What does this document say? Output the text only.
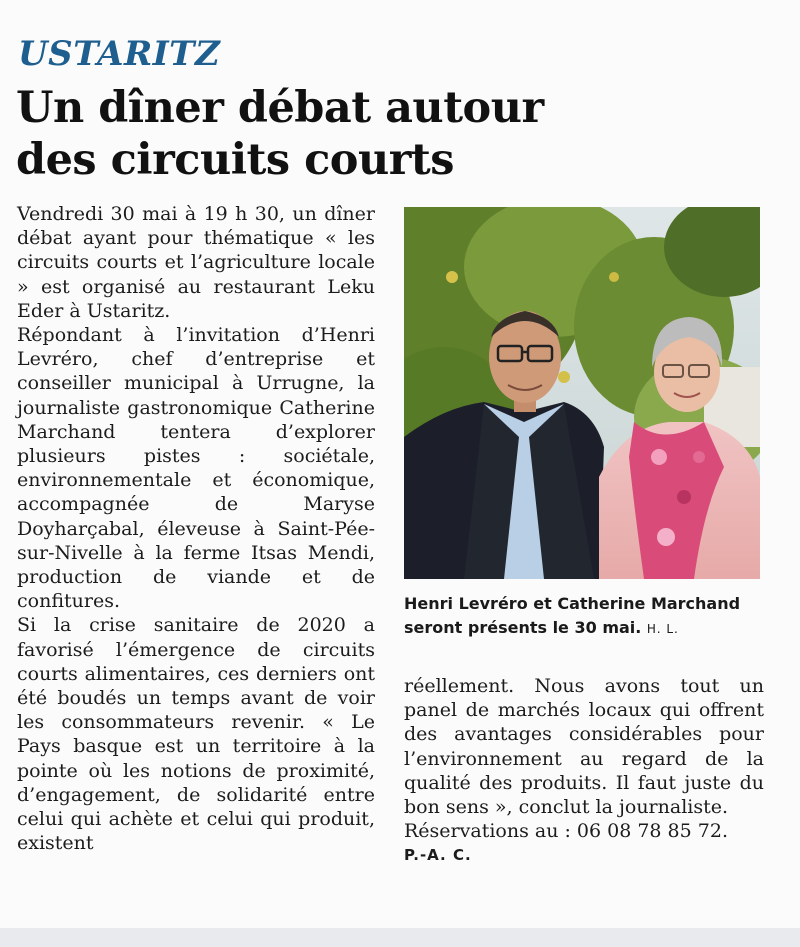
USTARITZ
Un dîner débat autour
des circuits courts

Vendredi 30 mai à 19 h 30, un dîner débat ayant pour thématique « les circuits courts et l’agriculture locale » est organisé au restaurant Leku Eder à Ustaritz.

Répondant à l’invitation d’Henri Levréro, chef d’entreprise et conseiller municipal à Urrugne, la journaliste gastronomique Catherine Marchand tentera d’explorer plusieurs pistes : sociétale, environnementale et économique, accompagnée de Maryse Doyharçabal, éleveuse à Saint-Pée-sur-Nivelle à la ferme Itsas Mendi, production de viande et de confitures.

Si la crise sanitaire de 2020 a favorisé l’émergence de circuits courts alimentaires, ces derniers ont été boudés un temps avant de voir les consommateurs revenir. « Le Pays basque est un territoire à la pointe où les notions de proximité, d’engagement, de solidarité entre celui qui achète et celui qui produit, existent

Henri Levréro et Catherine Marchand
seront présents le 30 mai. H. L.

réellement. Nous avons tout un panel de marchés locaux qui offrent des avantages considérables pour l’environnement au regard de la qualité des produits. Il faut juste du bon sens », conclut la journaliste.

Réservations au : 06 08 78 85 72.

P.-A. C.
